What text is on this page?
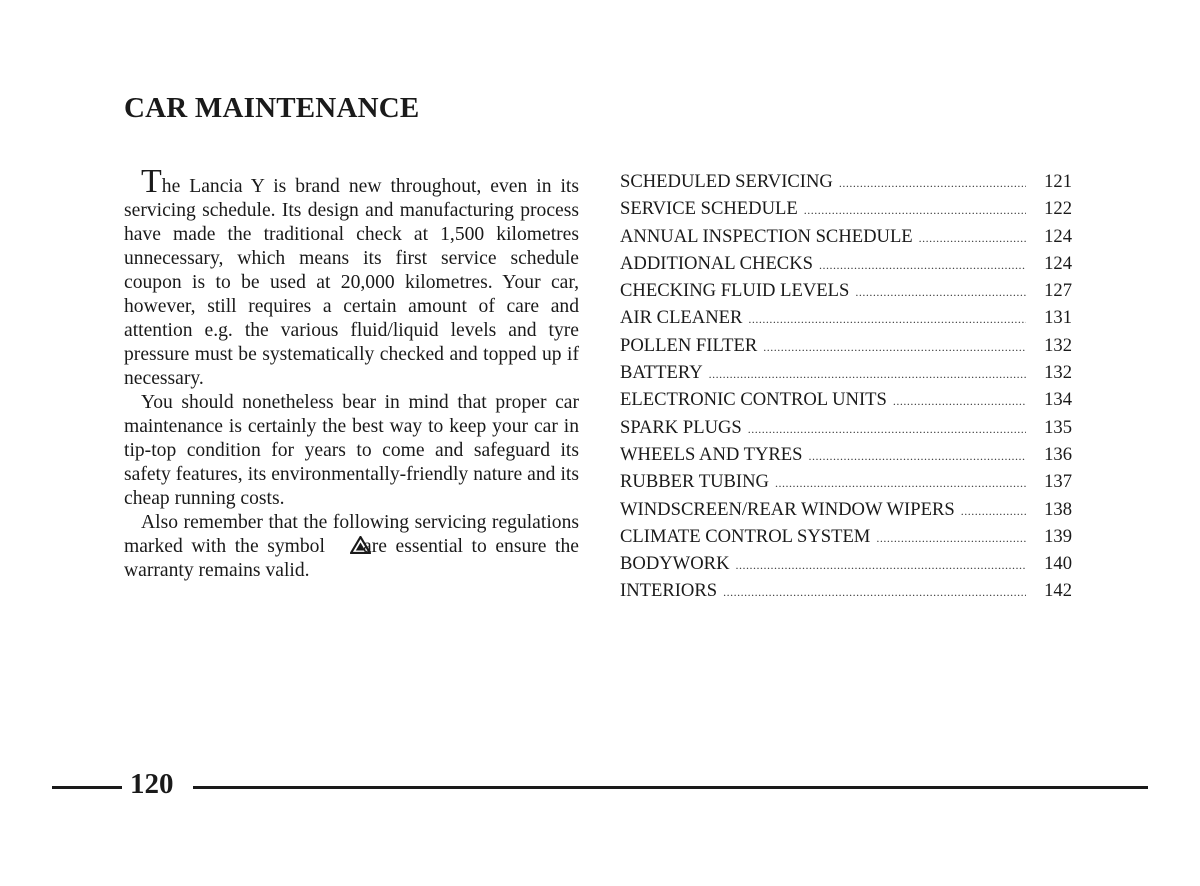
CAR MAINTENANCE

The Lancia Y is brand new throughout, even in its servicing schedule. Its design and manufacturing process have made the traditional check at 1,500 kilometres unnecessary, which means its first service schedule coupon is to be used at 20,000 kilometres. Your car, however, still requires a certain amount of care and attention e.g. the various fluid/liquid levels and tyre pressure must be systematically checked and topped up if necessary.

You should nonetheless bear in mind that proper car maintenance is certainly the best way to keep your car in tip-top condition for years to come and safeguard its safety features, its environmentally-friendly nature and its cheap running costs.

Also remember that the following servicing regulations marked with the symbol are essential to ensure the warranty remains valid.

SCHEDULED SERVICING .....	121
SERVICE SCHEDULE .....	122
ANNUAL INSPECTION SCHEDULE .....	124
ADDITIONAL CHECKS .....	124
CHECKING FLUID LEVELS .....	127
AIR CLEANER .....	131
POLLEN FILTER .....	132
BATTERY .....	132
ELECTRONIC CONTROL UNITS .....	134
SPARK PLUGS .....	135
WHEELS AND TYRES .....	136
RUBBER TUBING .....	137
WINDSCREEN/REAR WINDOW WIPERS .....	138
CLIMATE CONTROL SYSTEM .....	139
BODYWORK .....	140
INTERIORS .....	142
120
